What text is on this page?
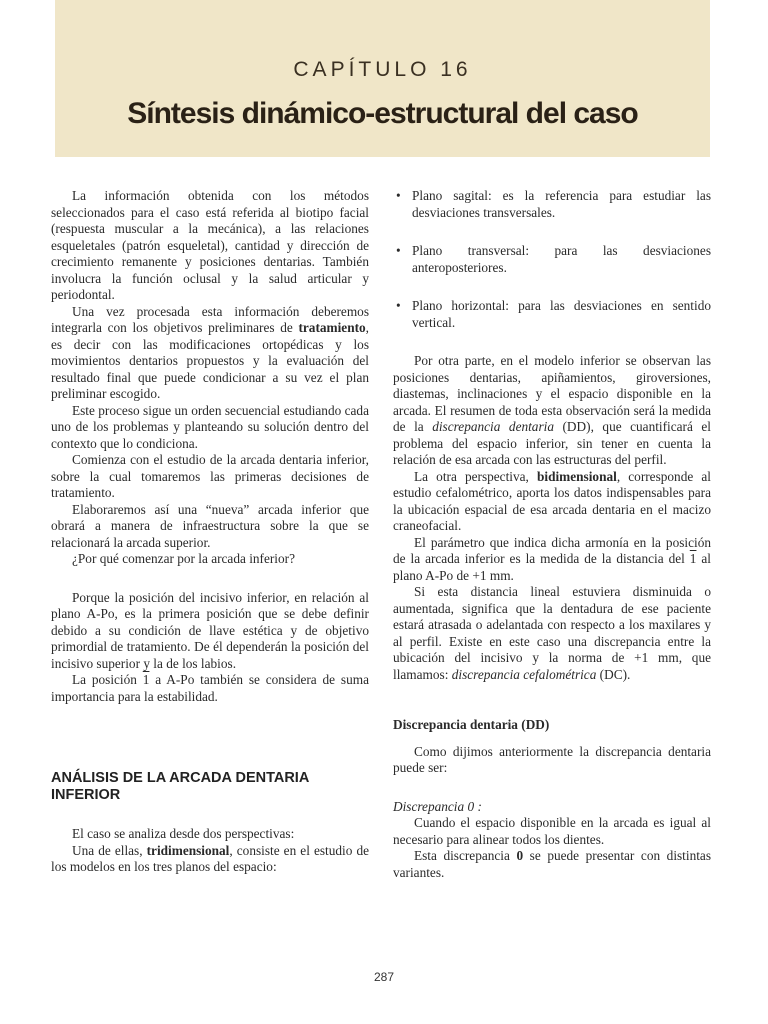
CAPÍTULO 16
Síntesis dinámico-estructural del caso

La información obtenida con los métodos seleccionados para el caso está referida al biotipo facial (respuesta muscular a la mecánica), a las relaciones esqueletales (patrón esqueletal), cantidad y dirección de crecimiento remanente y posiciones dentarias. También involucra la función oclusal y la salud articular y periodontal.

Una vez procesada esta información deberemos integrarla con los objetivos preliminares de tratamiento, es decir con las modificaciones ortopédicas y los movimientos dentarios propuestos y la evaluación del resultado final que puede condicionar a su vez el plan preliminar escogido.

Este proceso sigue un orden secuencial estudiando cada uno de los problemas y planteando su solución dentro del contexto que lo condiciona.

Comienza con el estudio de la arcada dentaria inferior, sobre la cual tomaremos las primeras decisiones de tratamiento.

Elaboraremos así una “nueva” arcada inferior que obrará a manera de infraestructura sobre la que se relacionará la arcada superior.

¿Por qué comenzar por la arcada inferior?

Porque la posición del incisivo inferior, en relación al plano A-Po, es la primera posición que se debe definir debido a su condición de llave estética y de objetivo primordial de tratamiento. De él dependerán la posición del incisivo superior y la de los labios.

La posición 1 a A-Po también se considera de suma importancia para la estabilidad.

ANÁLISIS DE LA ARCADA DENTARIA INFERIOR

El caso se analiza desde dos perspectivas:

Una de ellas, tridimensional, consiste en el estudio de los modelos en los tres planos del espacio:

• Plano sagital: es la referencia para estudiar las desviaciones transversales.
• Plano transversal: para las desviaciones anteroposteriores.
• Plano horizontal: para las desviaciones en sentido vertical.

Por otra parte, en el modelo inferior se observan las posiciones dentarias, apiñamientos, giroversiones, diastemas, inclinaciones y el espacio disponible en la arcada. El resumen de toda esta observación será la medida de la discrepancia dentaria (DD), que cuantificará el problema del espacio inferior, sin tener en cuenta la relación de esa arcada con las estructuras del perfil.

La otra perspectiva, bidimensional, corresponde al estudio cefalométrico, aporta los datos indispensables para la ubicación espacial de esa arcada dentaria en el macizo craneofacial.

El parámetro que indica dicha armonía en la posición de la arcada inferior es la medida de la distancia del 1 al plano A-Po de +1 mm.

Si esta distancia lineal estuviera disminuida o aumentada, significa que la dentadura de ese paciente estará atrasada o adelantada con respecto a los maxilares y al perfil. Existe en este caso una discrepancia entre la ubicación del incisivo y la norma de +1 mm, que llamamos: discrepancia cefalométrica (DC).

Discrepancia dentaria (DD)

Como dijimos anteriormente la discrepancia dentaria puede ser:

Discrepancia 0 :

Cuando el espacio disponible en la arcada es igual al necesario para alinear todos los dientes.

Esta discrepancia 0 se puede presentar con distintas variantes.

287
